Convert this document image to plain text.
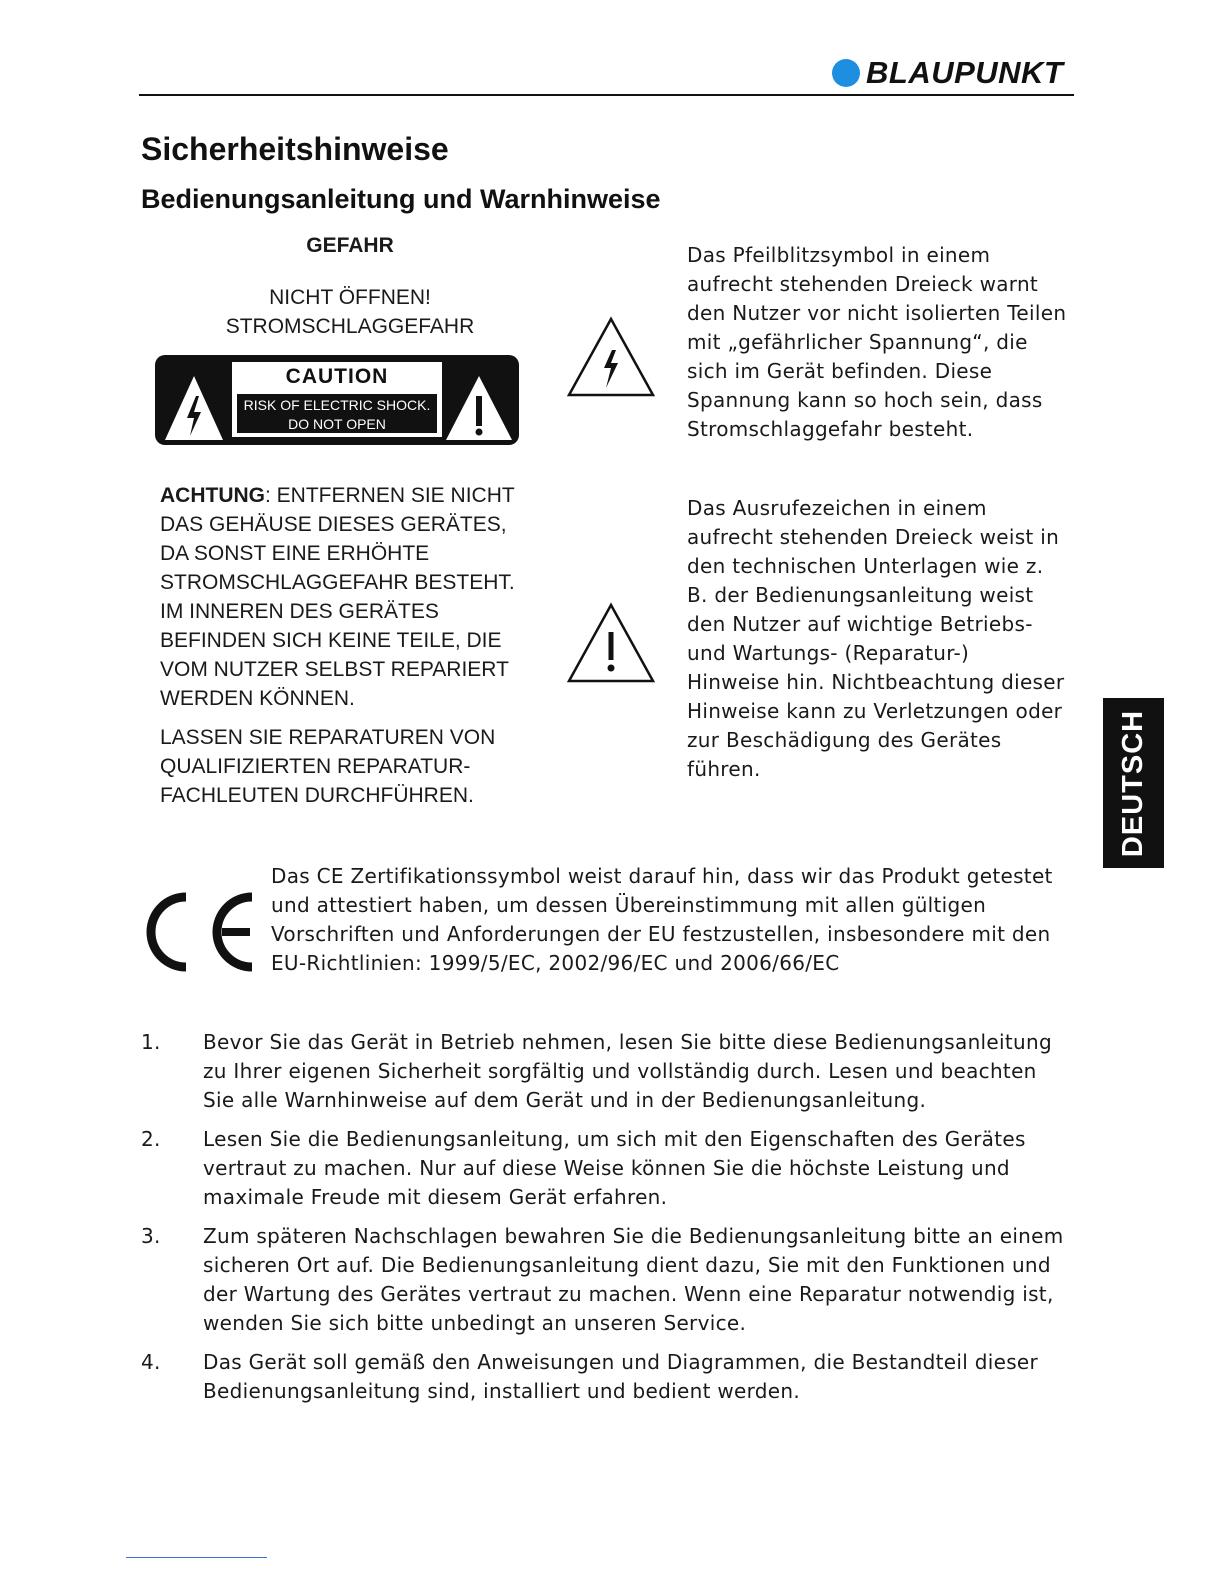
BLAUPUNKT
Sicherheitshinweise
Bedienungsanleitung und Warnhinweise
GEFAHR
NICHT ÖFFNEN!
STROMSCHLAGGEFAHR
CAUTION
RISK OF ELECTRIC SHOCK.
DO NOT OPEN
ACHTUNG: ENTFERNEN SIE NICHT DAS GEHÄUSE DIESES GERÄTES, DA SONST EINE ERHÖHTE STROMSCHLAGGEFAHR BESTEHT. IM INNEREN DES GERÄTES BEFINDEN SICH KEINE TEILE, DIE VOM NUTZER SELBST REPARIERT WERDEN KÖNNEN.
LASSEN SIE REPARATUREN VON QUALIFIZIERTEN REPARATUR-FACHLEUTEN DURCHFÜHREN.
Das Pfeilblitzsymbol in einem aufrecht stehenden Dreieck warnt den Nutzer vor nicht isolierten Teilen mit „gefährlicher Spannung“, die sich im Gerät befinden. Diese Spannung kann so hoch sein, dass Stromschlaggefahr besteht.
Das Ausrufezeichen in einem aufrecht stehenden Dreieck weist in den technischen Unterlagen wie z. B. der Bedienungsanleitung weist den Nutzer auf wichtige Betriebs- und Wartungs- (Reparatur-) Hinweise hin. Nichtbeachtung dieser Hinweise kann zu Verletzungen oder zur Beschädigung des Gerätes führen.	DEUTSCH
Das CE Zertifikationssymbol weist darauf hin, dass wir das Produkt getestet und attestiert haben, um dessen Übereinstimmung mit allen gültigen Vorschriften und Anforderungen der EU festzustellen, insbesondere mit den EU-Richtlinien: 1999/5/EC, 2002/96/EC und 2006/66/EC
1.	Bevor Sie das Gerät in Betrieb nehmen, lesen Sie bitte diese Bedienungsanleitung zu Ihrer eigenen Sicherheit sorgfältig und vollständig durch. Lesen und beachten Sie alle Warnhinweise auf dem Gerät und in der Bedienungsanleitung.
2.	Lesen Sie die Bedienungsanleitung, um sich mit den Eigenschaften des Gerätes vertraut zu machen. Nur auf diese Weise können Sie die höchste Leistung und maximale Freude mit diesem Gerät erfahren.
3.	Zum späteren Nachschlagen bewahren Sie die Bedienungsanleitung bitte an einem sicheren Ort auf. Die Bedienungsanleitung dient dazu, Sie mit den Funktionen und der Wartung des Gerätes vertraut zu machen. Wenn eine Reparatur notwendig ist, wenden Sie sich bitte unbedingt an unseren Service.
4.	Das Gerät soll gemäß den Anweisungen und Diagrammen, die Bestandteil dieser Bedienungsanleitung sind, installiert und bedient werden.
